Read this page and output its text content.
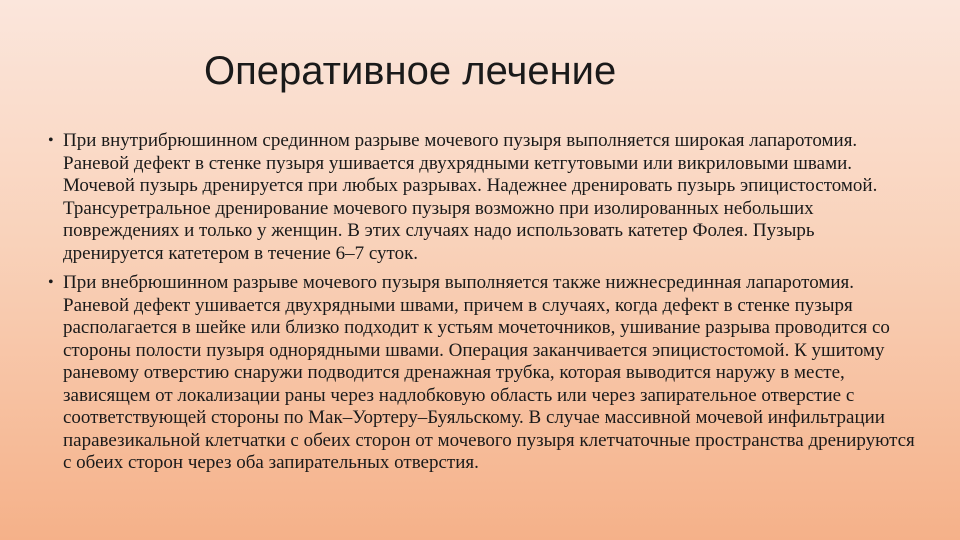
Оперативное лечение

• При внутрибрюшинном срединном разрыве мочевого пузыря выполняется широкая лапаротомия. Раневой дефект в стенке пузыря ушивается двухрядными кетгутовыми или викриловыми швами. Мочевой пузырь дренируется при любых разрывах. Надежнее дренировать пузырь эпицистостомой. Трансуретральное дренирование мочевого пузыря возможно при изолированных небольших повреждениях и только у женщин. В этих случаях надо использовать катетер Фолея. Пузырь дренируется катетером в течение 6–7 суток.

• При внебрюшинном разрыве мочевого пузыря выполняется также нижнесрединная лапаротомия. Раневой дефект ушивается двухрядными швами, причем в случаях, когда дефект в стенке пузыря располагается в шейке или близко подходит к устьям мочеточников, ушивание разрыва проводится со стороны полости пузыря однорядными швами. Операция заканчивается эпицистостомой. К ушитому раневому отверстию снаружи подводится дренажная трубка, которая выводится наружу в месте, зависящем от локализации раны через надлобковую область или через запирательное отверстие с соответствующей стороны по Мак–Уортеру–Буяльскому. В случае массивной мочевой инфильтрации паравезикальной клетчатки с обеих сторон от мочевого пузыря клетчаточные пространства дренируются с обеих сторон через оба запирательных отверстия.
